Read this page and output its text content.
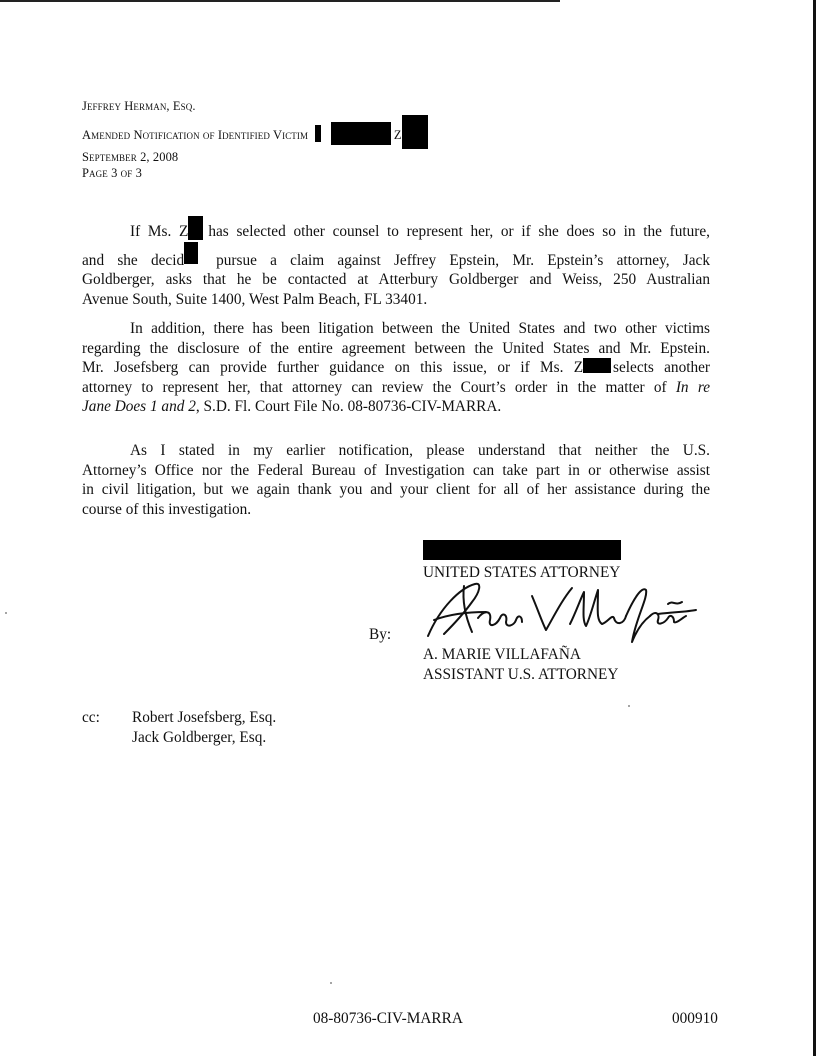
Jeffrey Herman, Esq.
Amended Notification of Identified Victim	Z
September 2, 2008
Page 3 of 3
If Ms. Z has selected other counsel to represent her, or if she does so in the future,
and she decid pursue a claim against Jeffrey Epstein, Mr. Epstein’s attorney, Jack
Goldberger, asks that he be contacted at Atterbury Goldberger and Weiss, 250 Australian
Avenue South, Suite 1400, West Palm Beach, FL 33401.
In addition, there has been litigation between the United States and two other victims
regarding the disclosure of the entire agreement between the United States and Mr. Epstein.
Mr. Josefsberg can provide further guidance on this issue, or if Ms. Z selects another
attorney to represent her, that attorney can review the Court’s order in the matter of In re
Jane Does 1 and 2, S.D. Fl. Court File No. 08-80736-CIV-MARRA.
As I stated in my earlier notification, please understand that neither the U.S.
Attorney’s Office nor the Federal Bureau of Investigation can take part in or otherwise assist
in civil litigation, but we again thank you and your client for all of her assistance during the
course of this investigation.
UNITED STATES ATTORNEY
By:
A. MARIE VILLAFAÑA
ASSISTANT U.S. ATTORNEY
cc: Robert Josefsberg, Esq.
Jack Goldberger, Esq.
08-80736-CIV-MARRA	000910
